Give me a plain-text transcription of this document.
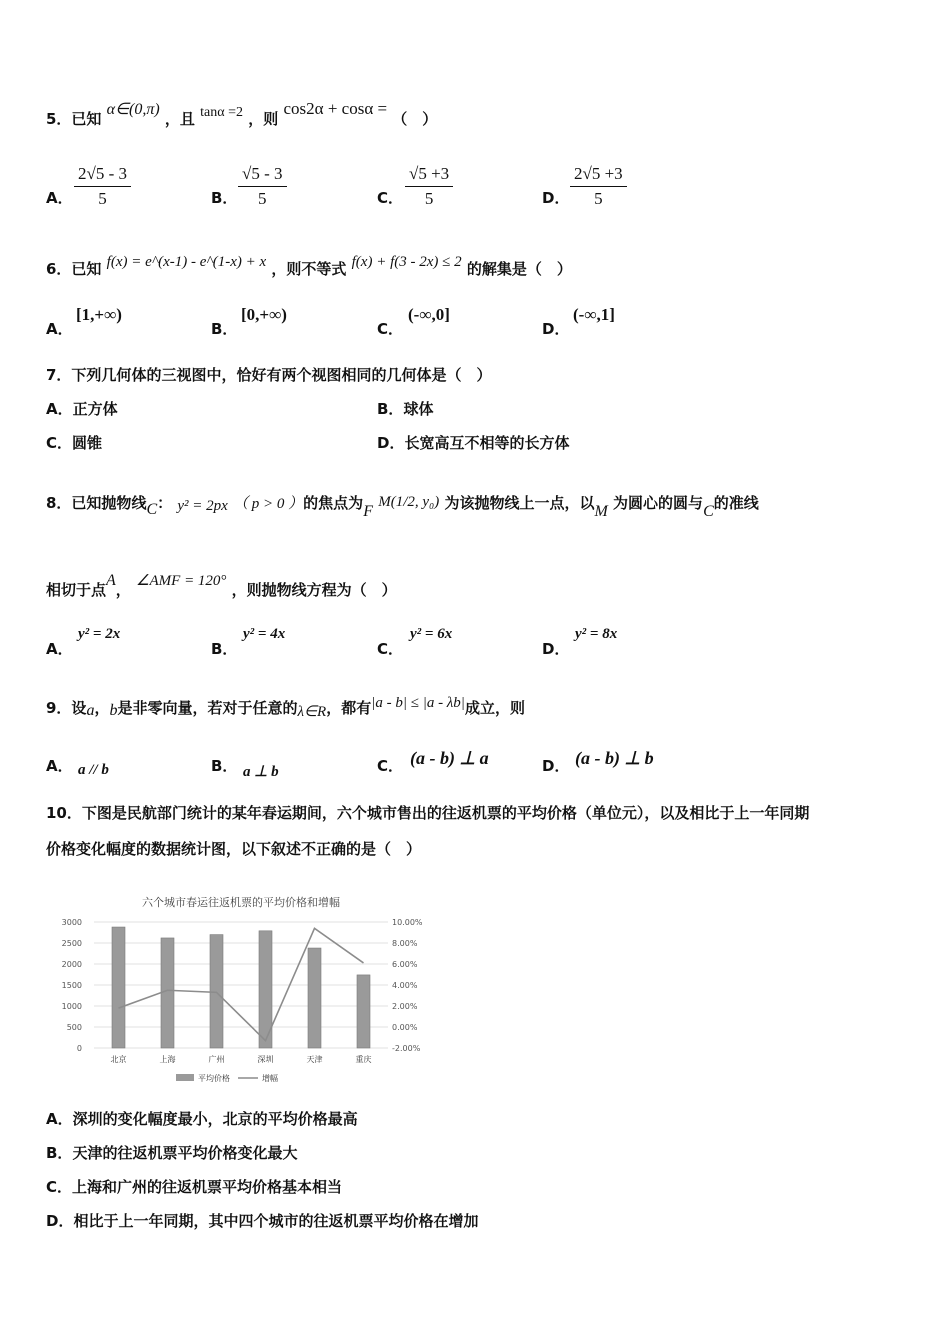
5．已知 α∈(0,π) ，且 tanα =2 ，则 cos2α + cosα = （　）
A． $\frac{2√5 - 3}{5}$	B． $\frac{√5 - 3}{5}$	C． $\frac{√5 +3}{5}$	D． $\frac{2√5 +3}{5}$
6．已知 f(x) = e^(x-1) - e^(1-x) + x ，则不等式 f(x) + f(3 - 2x) ≤ 2 的解集是（　）
A．
[1,+∞)
B．
[0,+∞)
C．
(-∞,0]
D．
(-∞,1]
7．下列几何体的三视图中，恰好有两个视图相同的几何体是（　）
A．正方体	B．球体
C．圆锥	D．长宽高互不相等的长方体
8．已知抛物线C： y² = 2px （ p > 0 ）的焦点为F M(1/2, y₀) 为该抛物线上一点，以M 为圆心的圆与C的准线
相切于点A， ∠AMF = 120° ，则抛物线方程为（　）
A．
y² = 2x
B．
y² = 4x
C．
y² = 6x
D．
y² = 8x
9．设a，b是非零向量，若对于任意的λ∈R，都有|a - b| ≤ |a - λb|成立，则
A． a // b	B． a ⊥ b	C． (a - b) ⊥ a	D． (a - b) ⊥ b
10．下图是民航部门统计的某年春运期间，六个城市售出的往返机票的平均价格（单位元），以及相比于上一年同期
价格变化幅度的数据统计图，以下叙述不正确的是（　）
六个城市春运往返机票的平均价格和增幅
0
500
1000
1500
2000
2500
3000
-2.00%
0.00%
2.00%
4.00%
6.00%
8.00%
10.00%
北京	上海	广州	深圳	天津	重庆
平均价格	增幅
A．深圳的变化幅度最小，北京的平均价格最高
B．天津的往返机票平均价格变化最大
C．上海和广州的往返机票平均价格基本相当
D．相比于上一年同期，其中四个城市的往返机票平均价格在增加
